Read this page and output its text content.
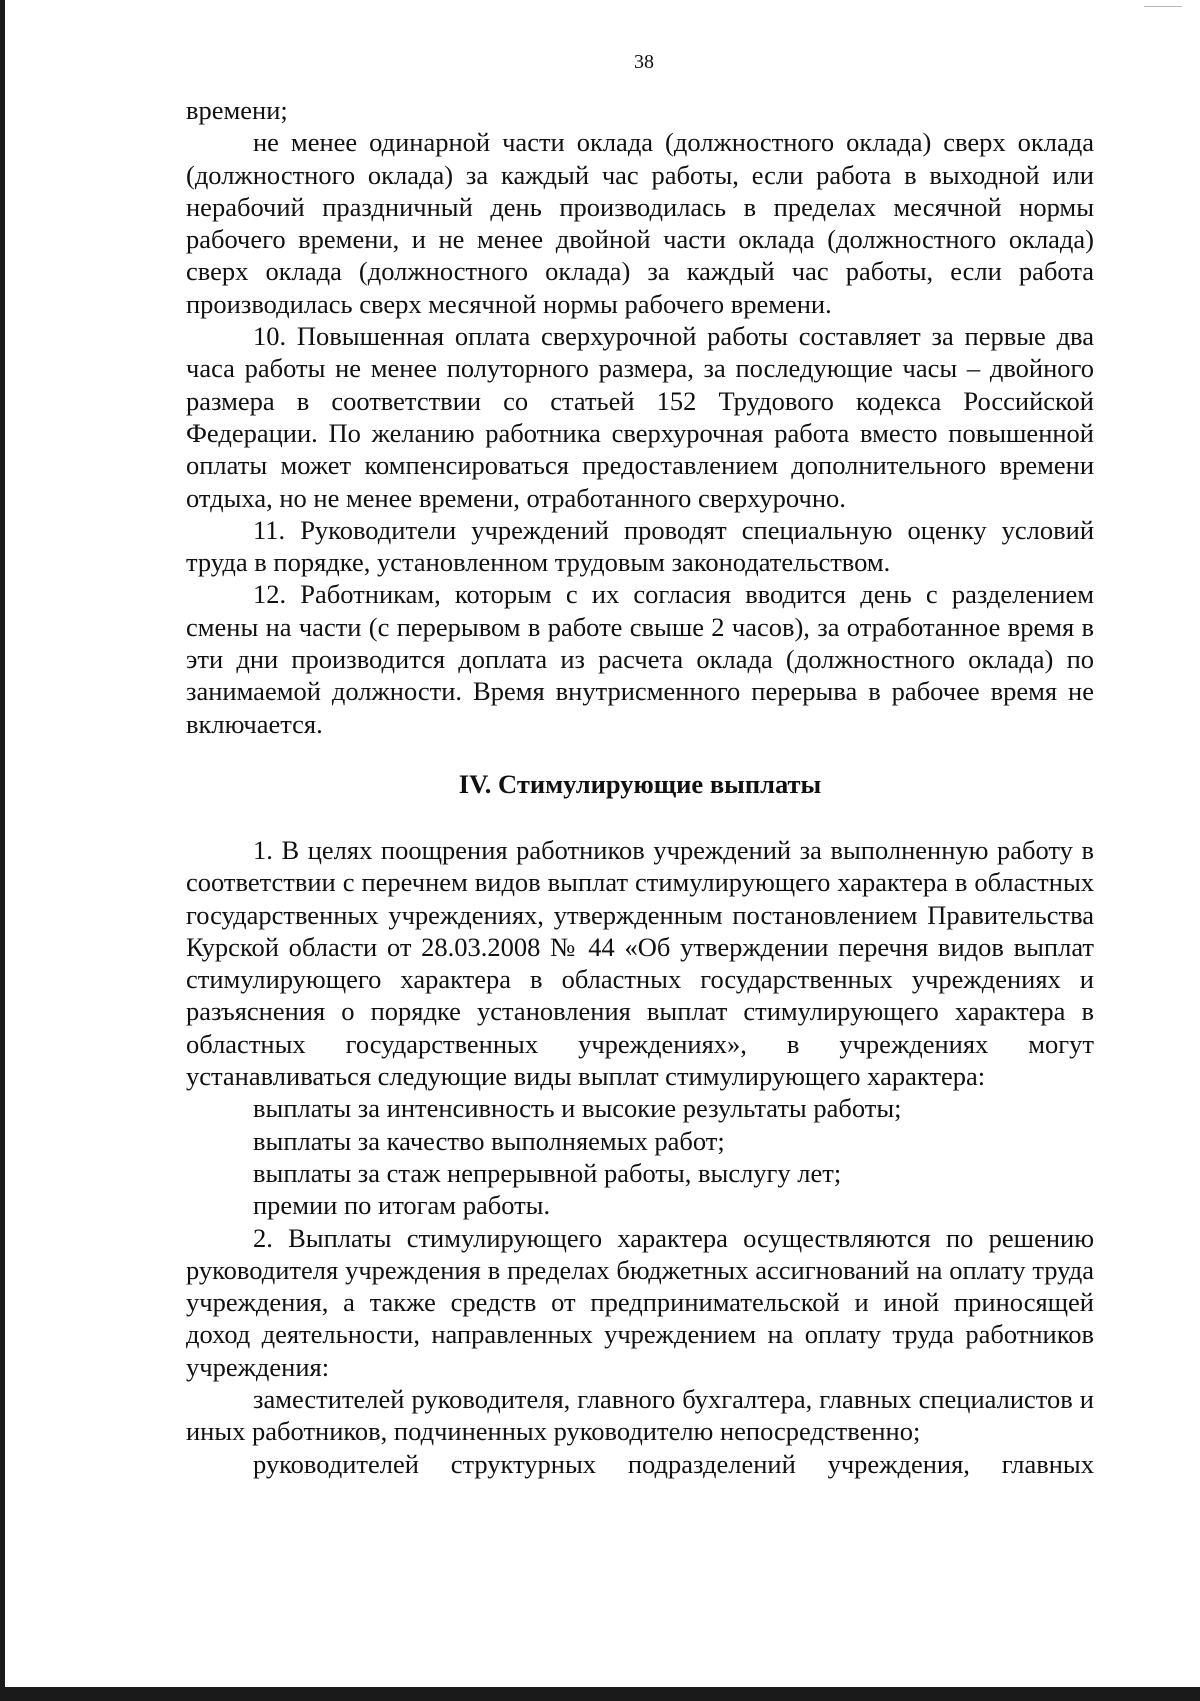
38

времени;

не менее одинарной части оклада (должностного оклада) сверх оклада (должностного оклада) за каждый час работы, если работа в выходной или нерабочий праздничный день производилась в пределах месячной нормы рабочего времени, и не менее двойной части оклада (должностного оклада) сверх оклада (должностного оклада) за каждый час работы, если работа производилась сверх месячной нормы рабочего времени.

10. Повышенная оплата сверхурочной работы составляет за первые два часа работы не менее полуторного размера, за последующие часы – двойного размера в соответствии со статьей 152 Трудового кодекса Российской Федерации. По желанию работника сверхурочная работа вместо повышенной оплаты может компенсироваться предоставлением дополнительного времени отдыха, но не менее времени, отработанного сверхурочно.

11. Руководители учреждений проводят специальную оценку условий труда в порядке, установленном трудовым законодательством.

12. Работникам, которым с их согласия вводится день с разделением смены на части (с перерывом в работе свыше 2 часов), за отработанное время в эти дни производится доплата из расчета оклада (должностного оклада) по занимаемой должности. Время внутрисменного перерыва в рабочее время не включается.

IV. Стимулирующие выплаты

1. В целях поощрения работников учреждений за выполненную работу в соответствии с перечнем видов выплат стимулирующего характера в областных государственных учреждениях, утвержденным постановлением Правительства Курской области от 28.03.2008 № 44 «Об утверждении перечня видов выплат стимулирующего характера в областных государственных учреждениях и разъяснения о порядке установления выплат стимулирующего характера в областных государственных учреждениях», в учреждениях могут устанавливаться следующие виды выплат стимулирующего характера:

выплаты за интенсивность и высокие результаты работы;

выплаты за качество выполняемых работ;

выплаты за стаж непрерывной работы, выслугу лет;

премии по итогам работы.

2. Выплаты стимулирующего характера осуществляются по решению руководителя учреждения в пределах бюджетных ассигнований на оплату труда учреждения, а также средств от предпринимательской и иной приносящей доход деятельности, направленных учреждением на оплату труда работников учреждения:

заместителей руководителя, главного бухгалтера, главных специалистов и иных работников, подчиненных руководителю непосредственно;

руководителей структурных подразделений учреждения, главных
